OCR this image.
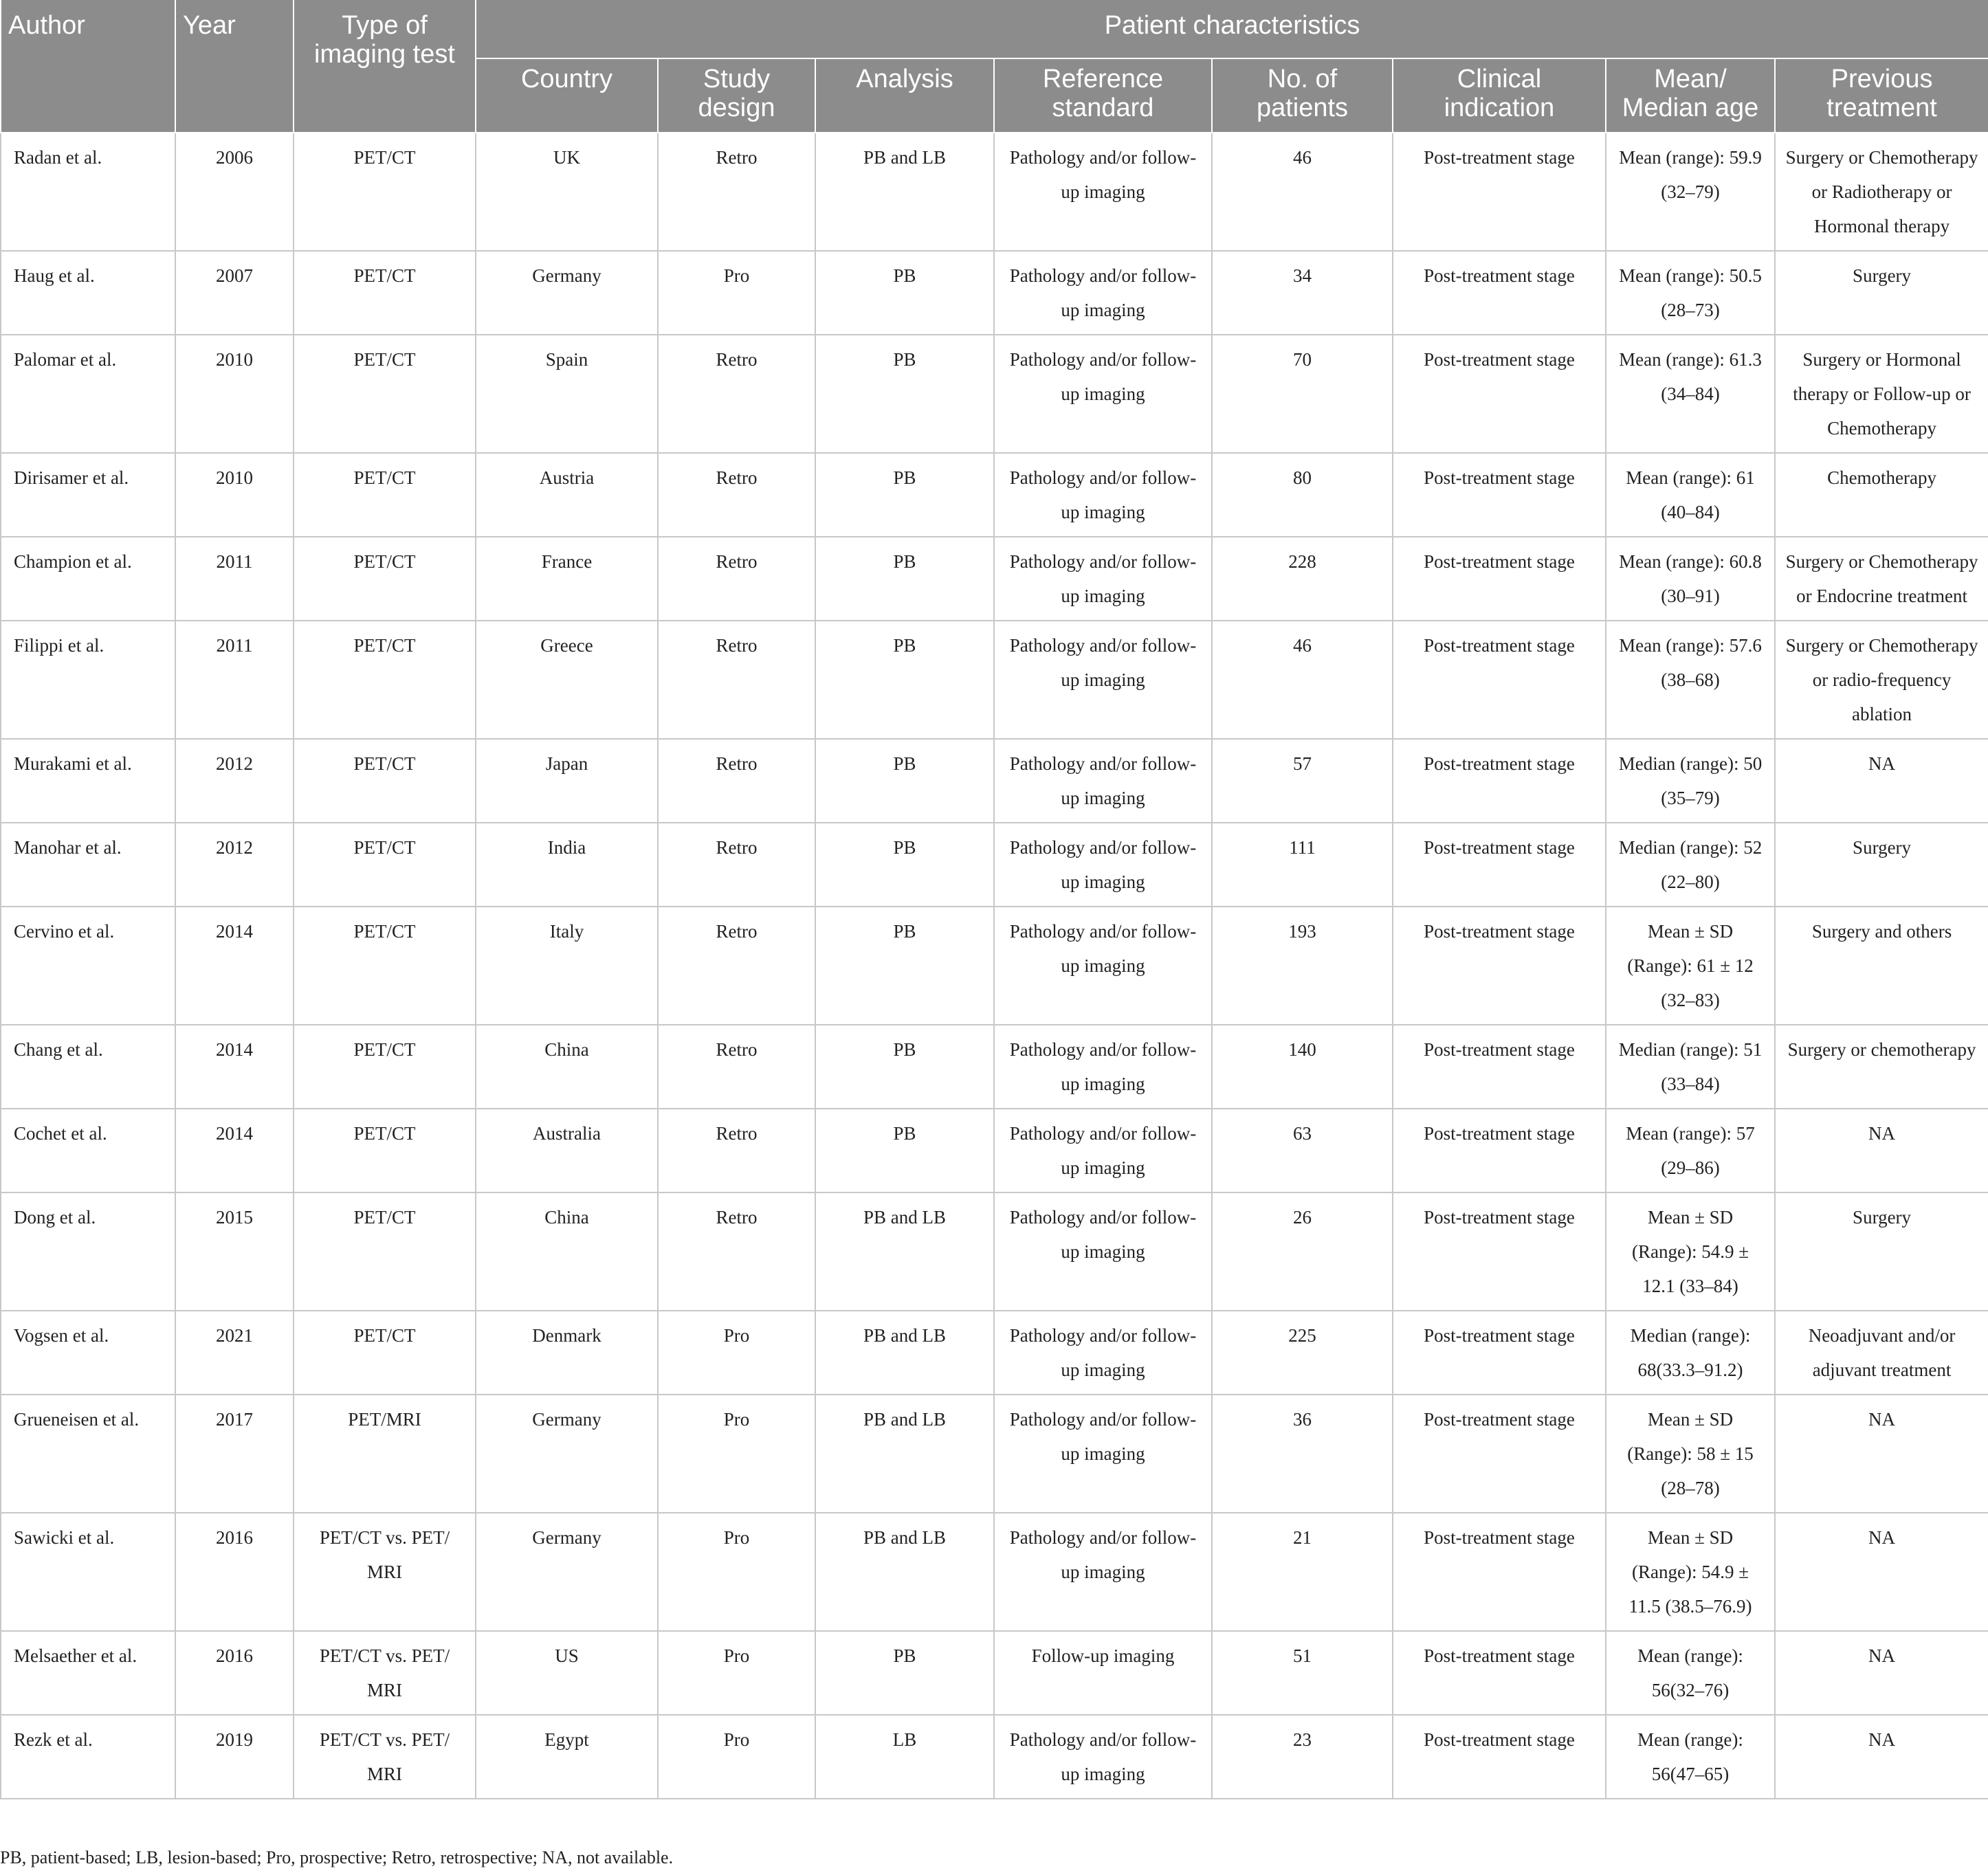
Author	Year	Type of imaging test	Patient characteristics							
			Country	Study design	Analysis	Reference standard	No. of patients	Clinical indication	Mean/ Median age	Previous treatment
Radan et al.	2006	PET/CT	UK	Retro	PB and LB	Pathology and/or follow-up imaging	46	Post-treatment stage	Mean (range): 59.9 (32–79)	Surgery or Chemotherapy or Radiotherapy or Hormonal therapy
Haug et al.	2007	PET/CT	Germany	Pro	PB	Pathology and/or follow-up imaging	34	Post-treatment stage	Mean (range): 50.5 (28–73)	Surgery
Palomar et al.	2010	PET/CT	Spain	Retro	PB	Pathology and/or follow-up imaging	70	Post-treatment stage	Mean (range): 61.3 (34–84)	Surgery or Hormonal therapy or Follow-up or Chemotherapy
Dirisamer et al.	2010	PET/CT	Austria	Retro	PB	Pathology and/or follow-up imaging	80	Post-treatment stage	Mean (range): 61 (40–84)	Chemotherapy
Champion et al.	2011	PET/CT	France	Retro	PB	Pathology and/or follow-up imaging	228	Post-treatment stage	Mean (range): 60.8 (30–91)	Surgery or Chemotherapy or Endocrine treatment
Filippi et al.	2011	PET/CT	Greece	Retro	PB	Pathology and/or follow-up imaging	46	Post-treatment stage	Mean (range): 57.6 (38–68)	Surgery or Chemotherapy or radio-frequency ablation
Murakami et al.	2012	PET/CT	Japan	Retro	PB	Pathology and/or follow-up imaging	57	Post-treatment stage	Median (range): 50 (35–79)	NA
Manohar et al.	2012	PET/CT	India	Retro	PB	Pathology and/or follow-up imaging	111	Post-treatment stage	Median (range): 52 (22–80)	Surgery
Cervino et al.	2014	PET/CT	Italy	Retro	PB	Pathology and/or follow-up imaging	193	Post-treatment stage	Mean ± SD (Range): 61 ± 12 (32–83)	Surgery and others
Chang et al.	2014	PET/CT	China	Retro	PB	Pathology and/or follow-up imaging	140	Post-treatment stage	Median (range): 51 (33–84)	Surgery or chemotherapy
Cochet et al.	2014	PET/CT	Australia	Retro	PB	Pathology and/or follow-up imaging	63	Post-treatment stage	Mean (range): 57 (29–86)	NA
Dong et al.	2015	PET/CT	China	Retro	PB and LB	Pathology and/or follow-up imaging	26	Post-treatment stage	Mean ± SD (Range): 54.9 ± 12.1 (33–84)	Surgery
Vogsen et al.	2021	PET/CT	Denmark	Pro	PB and LB	Pathology and/or follow-up imaging	225	Post-treatment stage	Median (range): 68(33.3–91.2)	Neoadjuvant and/or adjuvant treatment
Grueneisen et al.	2017	PET/MRI	Germany	Pro	PB and LB	Pathology and/or follow-up imaging	36	Post-treatment stage	Mean ± SD (Range): 58 ± 15 (28–78)	NA
Sawicki et al.	2016	PET/CT vs. PET/ MRI	Germany	Pro	PB and LB	Pathology and/or follow-up imaging	21	Post-treatment stage	Mean ± SD (Range): 54.9 ± 11.5 (38.5–76.9)	NA
Melsaether et al.	2016	PET/CT vs. PET/ MRI	US	Pro	PB	Follow-up imaging	51	Post-treatment stage	Mean (range): 56(32–76)	NA
Rezk et al.	2019	PET/CT vs. PET/ MRI	Egypt	Pro	LB	Pathology and/or follow-up imaging	23	Post-treatment stage	Mean (range): 56(47–65)	NA
PB, patient-based; LB, lesion-based; Pro, prospective; Retro, retrospective; NA, not available.
